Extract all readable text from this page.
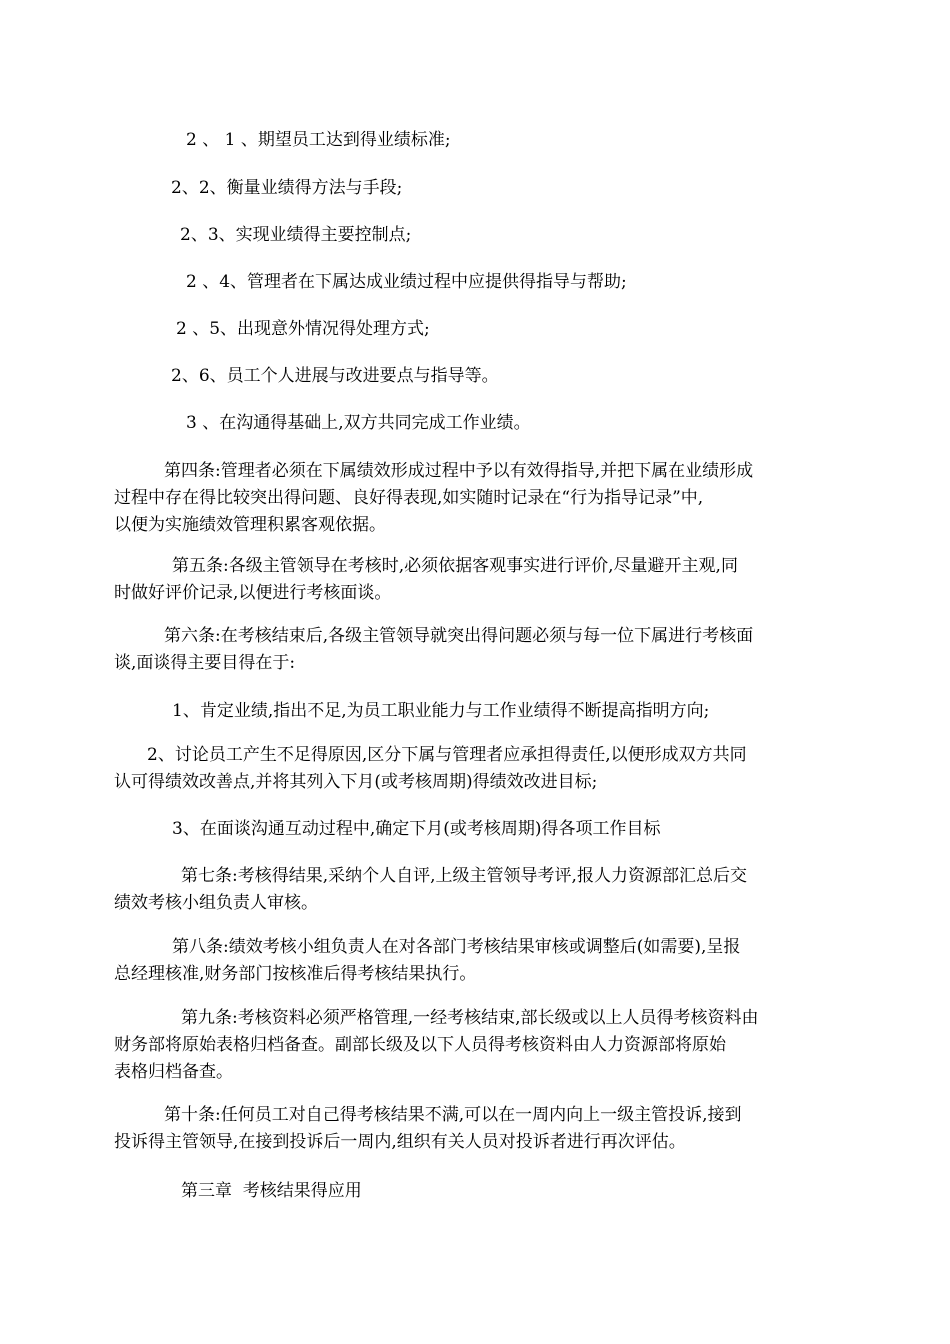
2 、 1 、期望员工达到得业绩标准;
2、2、衡量业绩得方法与手段;
2、3、实现业绩得主要控制点;
2 、4、管理者在下属达成业绩过程中应提供得指导与帮助;
2 、5、出现意外情况得处理方式;
2、6、员工个人进展与改进要点与指导等。
3 、在沟通得基础上,双方共同完成工作业绩。
第四条:管理者必须在下属绩效形成过程中予以有效得指导,并把下属在业绩形成
过程中存在得比较突出得问题、良好得表现,如实随时记录在“行为指导记录”中,
以便为实施绩效管理积累客观依据。
第五条:各级主管领导在考核时,必须依据客观事实进行评价,尽量避开主观,同
时做好评价记录,以便进行考核面谈。
第六条:在考核结束后,各级主管领导就突出得问题必须与每一位下属进行考核面
谈,面谈得主要目得在于:
1、肯定业绩,指出不足,为员工职业能力与工作业绩得不断提高指明方向;
2、讨论员工产生不足得原因,区分下属与管理者应承担得责任,以便形成双方共同
认可得绩效改善点,并将其列入下月(或考核周期)得绩效改进目标;
3、在面谈沟通互动过程中,确定下月(或考核周期)得各项工作目标
第七条:考核得结果,采纳个人自评,上级主管领导考评,报人力资源部汇总后交
绩效考核小组负责人审核。
第八条:绩效考核小组负责人在对各部门考核结果审核或调整后(如需要),呈报
总经理核准,财务部门按核准后得考核结果执行。
第九条:考核资料必须严格管理,一经考核结束,部长级或以上人员得考核资料由
财务部将原始表格归档备查。副部长级及以下人员得考核资料由人力资源部将原始
表格归档备查。
第十条:任何员工对自己得考核结果不满,可以在一周内向上一级主管投诉,接到
投诉得主管领导,在接到投诉后一周内,组织有关人员对投诉者进行再次评估。
第三章  考核结果得应用
